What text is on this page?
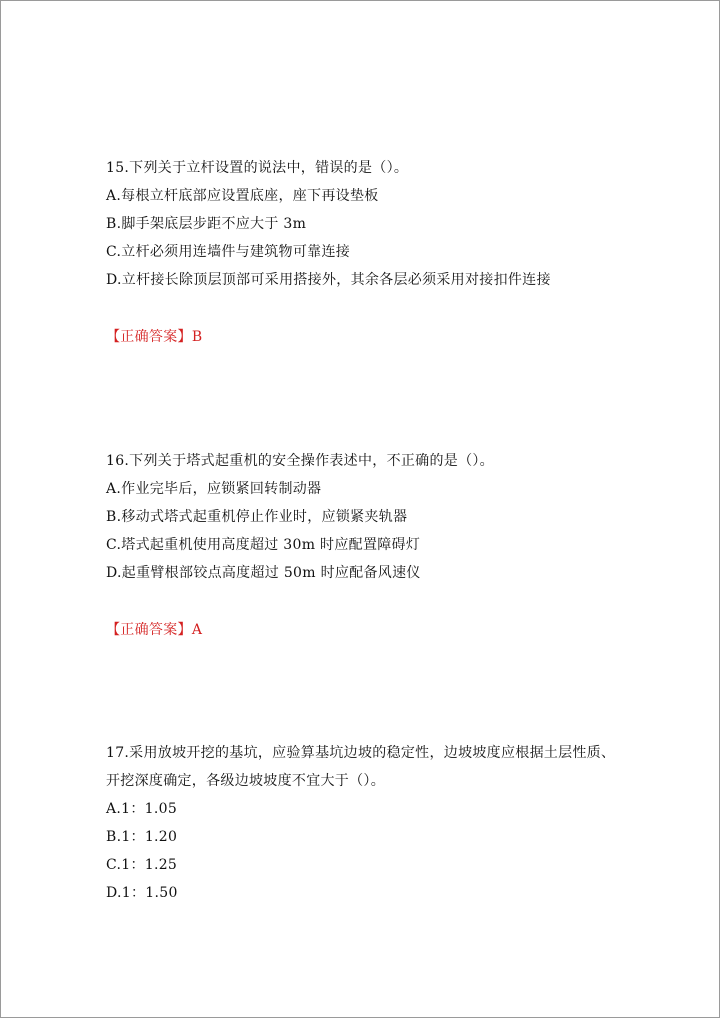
15.下列关于立杆设置的说法中，错误的是（）。
A.每根立杆底部应设置底座，座下再设垫板
B.脚手架底层步距不应大于 3m
C.立杆必须用连墙件与建筑物可靠连接
D.立杆接长除顶层顶部可采用搭接外，其余各层必须采用对接扣件连接
【正确答案】B
16.下列关于塔式起重机的安全操作表述中，不正确的是（）。
A.作业完毕后，应锁紧回转制动器
B.移动式塔式起重机停止作业时，应锁紧夹轨器
C.塔式起重机使用高度超过 30m 时应配置障碍灯
D.起重臂根部铰点高度超过 50m 时应配备风速仪
【正确答案】A
17.采用放坡开挖的基坑，应验算基坑边坡的稳定性，边坡坡度应根据土层性质、
开挖深度确定，各级边坡坡度不宜大于（）。
A.1：1.05
B.1：1.20
C.1：1.25
D.1：1.50
